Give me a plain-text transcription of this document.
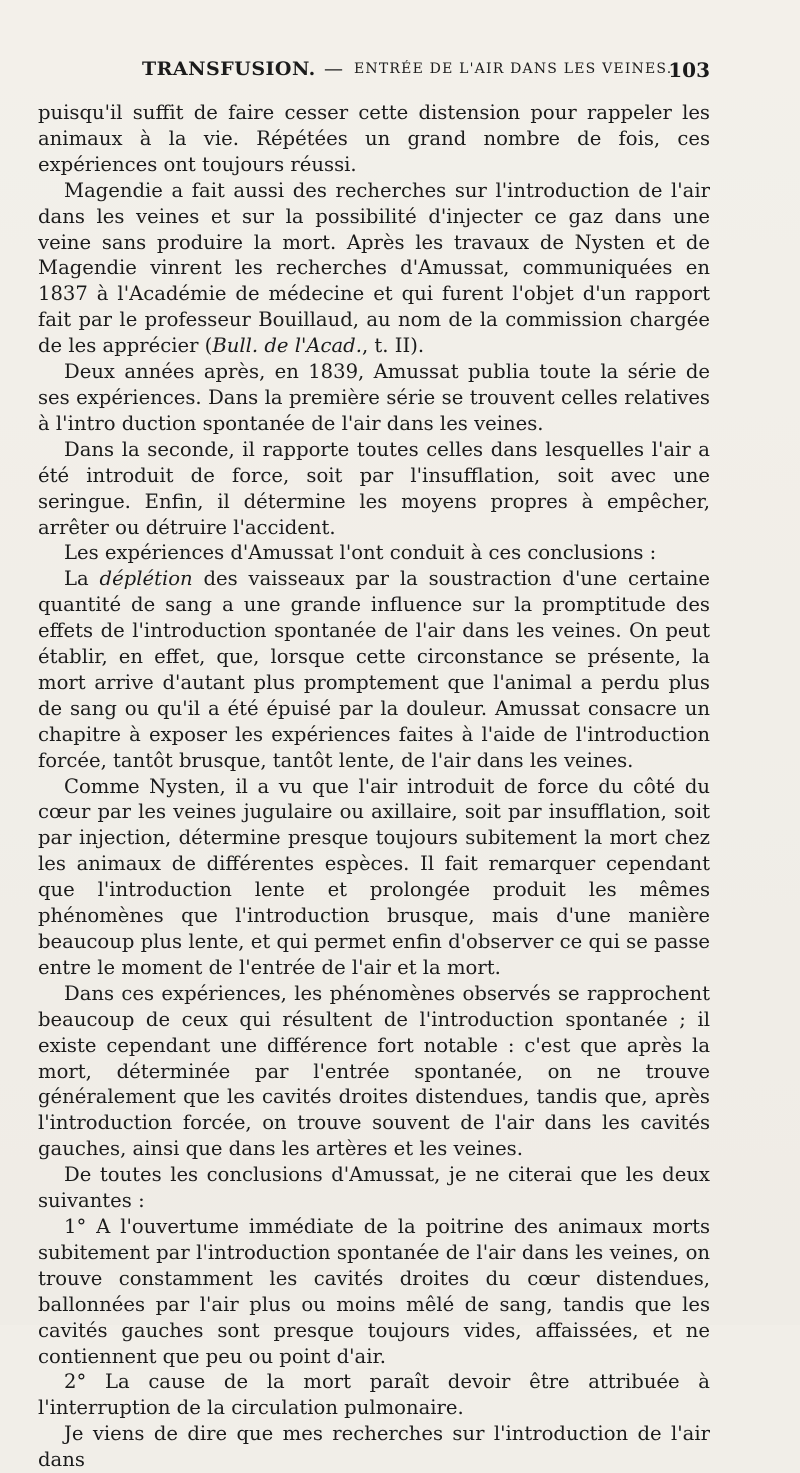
TRANSFUSION. — ENTRÉE DE L'AIR DANS LES VEINES.
103

puisqu'il suffit de faire cesser cette distension pour rappeler les animaux à la vie. Répétées un grand nombre de fois, ces expériences ont toujours réussi.

Magendie a fait aussi des recherches sur l'introduction de l'air dans les veines et sur la possibilité d'injecter ce gaz dans une veine sans produire la mort. Après les travaux de Nysten et de Magendie vinrent les recherches d'Amussat, communiquées en 1837 à l'Académie de médecine et qui furent l'objet d'un rapport fait par le professeur Bouillaud, au nom de la commission chargée de les apprécier (Bull. de l'Acad., t. II).

Deux années après, en 1839, Amussat publia toute la série de ses expériences. Dans la première série se trouvent celles relatives à l'intro duction spontanée de l'air dans les veines.

Dans la seconde, il rapporte toutes celles dans lesquelles l'air a été introduit de force, soit par l'insufflation, soit avec une seringue. Enfin, il détermine les moyens propres à empêcher, arrêter ou détruire l'accident.

Les expériences d'Amussat l'ont conduit à ces conclusions :

La déplétion des vaisseaux par la soustraction d'une certaine quantité de sang a une grande influence sur la promptitude des effets de l'introduction spontanée de l'air dans les veines. On peut établir, en effet, que, lorsque cette circonstance se présente, la mort arrive d'autant plus promptement que l'animal a perdu plus de sang ou qu'il a été épuisé par la douleur. Amussat consacre un chapitre à exposer les expériences faites à l'aide de l'introduction forcée, tantôt brusque, tantôt lente, de l'air dans les veines.

Comme Nysten, il a vu que l'air introduit de force du côté du cœur par les veines jugulaire ou axillaire, soit par insufflation, soit par injection, détermine presque toujours subitement la mort chez les animaux de différentes espèces. Il fait remarquer cependant que l'introduction lente et prolongée produit les mêmes phénomènes que l'introduction brusque, mais d'une manière beaucoup plus lente, et qui permet enfin d'observer ce qui se passe entre le moment de l'entrée de l'air et la mort.

Dans ces expériences, les phénomènes observés se rapprochent beaucoup de ceux qui résultent de l'introduction spontanée ; il existe cependant une différence fort notable : c'est que après la mort, déterminée par l'entrée spontanée, on ne trouve généralement que les cavités droites distendues, tandis que, après l'introduction forcée, on trouve souvent de l'air dans les cavités gauches, ainsi que dans les artères et les veines.

De toutes les conclusions d'Amussat, je ne citerai que les deux suivantes :

1° A l'ouvertume immédiate de la poitrine des animaux morts subitement par l'introduction spontanée de l'air dans les veines, on trouve constamment les cavités droites du cœur distendues, ballonnées par l'air plus ou moins mêlé de sang, tandis que les cavités gauches sont presque toujours vides, affaissées, et ne contiennent que peu ou point d'air.

2° La cause de la mort paraît devoir être attribuée à l'interruption de la circulation pulmonaire.

Je viens de dire que mes recherches sur l'introduction de l'air dans
